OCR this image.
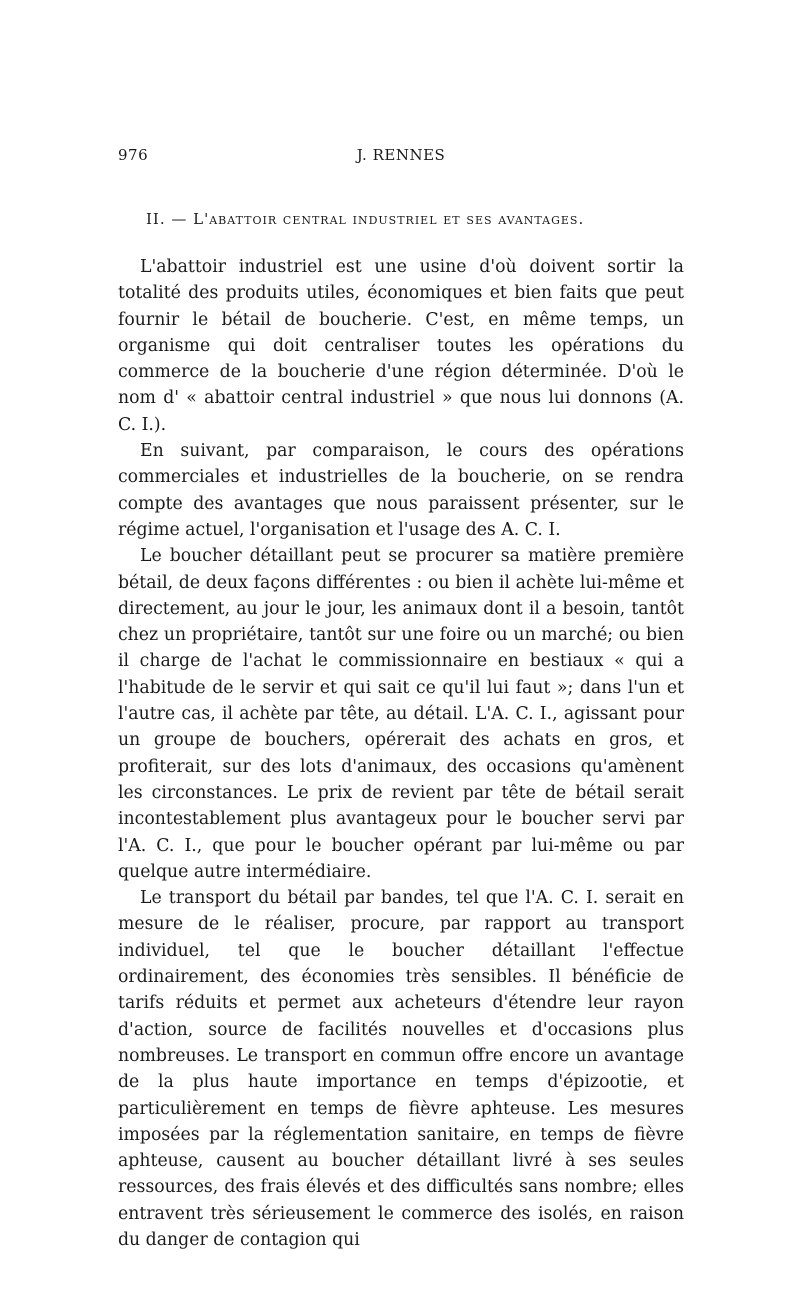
976	J. RENNES
II. — L'abattoir central industriel et ses avantages.

L'abattoir industriel est une usine d'où doivent sortir la totalité des produits utiles, économiques et bien faits que peut fournir le bétail de boucherie. C'est, en même temps, un organisme qui doit centraliser toutes les opérations du commerce de la boucherie d'une région déterminée. D'où le nom d' « abattoir central industriel » que nous lui donnons (A. C. I.).

En suivant, par comparaison, le cours des opérations commerciales et industrielles de la boucherie, on se rendra compte des avantages que nous paraissent présenter, sur le régime actuel, l'organisation et l'usage des A. C. I.

Le boucher détaillant peut se procurer sa matière première bétail, de deux façons différentes : ou bien il achète lui-même et directement, au jour le jour, les animaux dont il a besoin, tantôt chez un propriétaire, tantôt sur une foire ou un marché; ou bien il charge de l'achat le commissionnaire en bestiaux « qui a l'habitude de le servir et qui sait ce qu'il lui faut »; dans l'un et l'autre cas, il achète par tête, au détail. L'A. C. I., agissant pour un groupe de bouchers, opérerait des achats en gros, et profiterait, sur des lots d'animaux, des occasions qu'amènent les circonstances. Le prix de revient par tête de bétail serait incontestablement plus avantageux pour le boucher servi par l'A. C. I., que pour le boucher opérant par lui-même ou par quelque autre intermédiaire.

Le transport du bétail par bandes, tel que l'A. C. I. serait en mesure de le réaliser, procure, par rapport au transport individuel, tel que le boucher détaillant l'effectue ordinairement, des économies très sensibles. Il bénéficie de tarifs réduits et permet aux acheteurs d'étendre leur rayon d'action, source de facilités nouvelles et d'occasions plus nombreuses. Le transport en commun offre encore un avantage de la plus haute importance en temps d'épizootie, et particulièrement en temps de fièvre aphteuse. Les mesures imposées par la réglementation sanitaire, en temps de fièvre aphteuse, causent au boucher détaillant livré à ses seules ressources, des frais élevés et des difficultés sans nombre; elles entravent très sérieusement le commerce des isolés, en raison du danger de contagion qui
